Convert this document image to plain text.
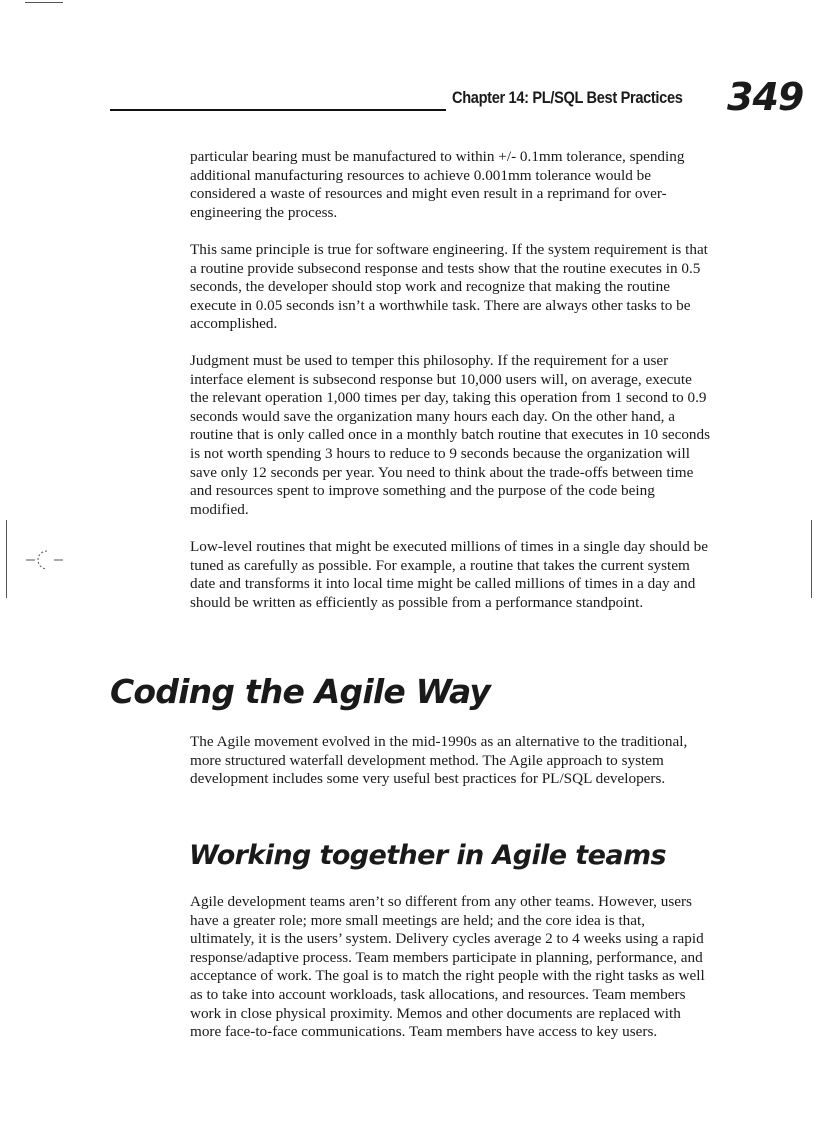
Chapter 14: PL/SQL Best Practices 349

particular bearing must be manufactured to within +/- 0.1mm tolerance, spending additional manufacturing resources to achieve 0.001mm tolerance would be considered a waste of resources and might even result in a reprimand for over-engineering the process.

This same principle is true for software engineering. If the system requirement is that a routine provide subsecond response and tests show that the routine executes in 0.5 seconds, the developer should stop work and recognize that making the routine execute in 0.05 seconds isn’t a worthwhile task. There are always other tasks to be accomplished.

Judgment must be used to temper this philosophy. If the requirement for a user interface element is subsecond response but 10,000 users will, on average, execute the relevant operation 1,000 times per day, taking this operation from 1 second to 0.9 seconds would save the organization many hours each day. On the other hand, a routine that is only called once in a monthly batch routine that executes in 10 seconds is not worth spending 3 hours to reduce to 9 seconds because the organization will save only 12 seconds per year. You need to think about the trade-offs between time and resources spent to improve something and the purpose of the code being modified.

Low-level routines that might be executed millions of times in a single day should be tuned as carefully as possible. For example, a routine that takes the current system date and transforms it into local time might be called millions of times in a day and should be written as efficiently as possible from a performance standpoint.

Coding the Agile Way

The Agile movement evolved in the mid-1990s as an alternative to the traditional, more structured waterfall development method. The Agile approach to system development includes some very useful best practices for PL/SQL developers.

Working together in Agile teams

Agile development teams aren’t so different from any other teams. However, users have a greater role; more small meetings are held; and the core idea is that, ultimately, it is the users’ system. Delivery cycles average 2 to 4 weeks using a rapid response/adaptive process. Team members participate in planning, performance, and acceptance of work. The goal is to match the right people with the right tasks as well as to take into account workloads, task allocations, and resources. Team members work in close physical proximity. Memos and other documents are replaced with more face-to-face communications. Team members have access to key users.
